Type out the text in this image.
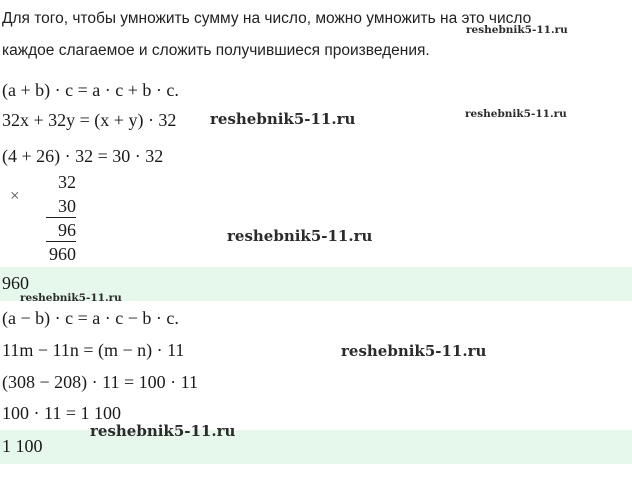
Для того, чтобы умножить сумму на число, можно умножить на это число
каждое слагаемое и сложить получившиеся произведения.
(a + b) · c = a · c + b · c.
32x + 32y = (x + y) · 32
(4 + 26) · 32 = 30 · 32
×
32
30
96
960
960
(a − b) · c = a · c − b · c.
11m − 11n = (m − n) · 11
(308 − 208) · 11 = 100 · 11
100 · 11 = 1 100
1 100
reshebnik5-11.ru
reshebnik5-11.ru	reshebnik5-11.ru
reshebnik5-11.ru
reshebnik5-11.ru
reshebnik5-11.ru
reshebnik5-11.ru
